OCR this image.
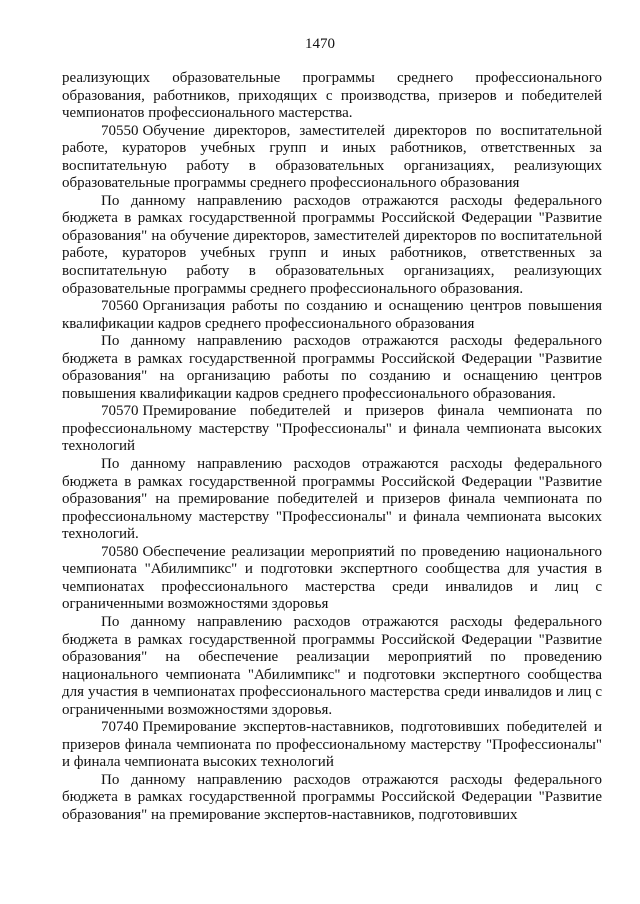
1470

реализующих образовательные программы среднего профессионального образования, работников, приходящих с производства, призеров и победителей чемпионатов профессионального мастерства.

70550 Обучение директоров, заместителей директоров по воспитательной работе, кураторов учебных групп и иных работников, ответственных за воспитательную работу в образовательных организациях, реализующих образовательные программы среднего профессионального образования

По данному направлению расходов отражаются расходы федерального бюджета в рамках государственной программы Российской Федерации "Развитие образования" на обучение директоров, заместителей директоров по воспитательной работе, кураторов учебных групп и иных работников, ответственных за воспитательную работу в образовательных организациях, реализующих образовательные программы среднего профессионального образования.

70560 Организация работы по созданию и оснащению центров повышения квалификации кадров среднего профессионального образования

По данному направлению расходов отражаются расходы федерального бюджета в рамках государственной программы Российской Федерации "Развитие образования" на организацию работы по созданию и оснащению центров повышения квалификации кадров среднего профессионального образования.

70570 Премирование победителей и призеров финала чемпионата по профессиональному мастерству "Профессионалы" и финала чемпионата высоких технологий

По данному направлению расходов отражаются расходы федерального бюджета в рамках государственной программы Российской Федерации "Развитие образования" на премирование победителей и призеров финала чемпионата по профессиональному мастерству "Профессионалы" и финала чемпионата высоких технологий.

70580 Обеспечение реализации мероприятий по проведению национального чемпионата "Абилимпикс" и подготовки экспертного сообщества для участия в чемпионатах профессионального мастерства среди инвалидов и лиц с ограниченными возможностями здоровья

По данному направлению расходов отражаются расходы федерального бюджета в рамках государственной программы Российской Федерации "Развитие образования" на обеспечение реализации мероприятий по проведению национального чемпионата "Абилимпикс" и подготовки экспертного сообщества для участия в чемпионатах профессионального мастерства среди инвалидов и лиц с ограниченными возможностями здоровья.

70740 Премирование экспертов-наставников, подготовивших победителей и призеров финала чемпионата по профессиональному мастерству "Профессионалы" и финала чемпионата высоких технологий

По данному направлению расходов отражаются расходы федерального бюджета в рамках государственной программы Российской Федерации "Развитие образования" на премирование экспертов-наставников, подготовивших
